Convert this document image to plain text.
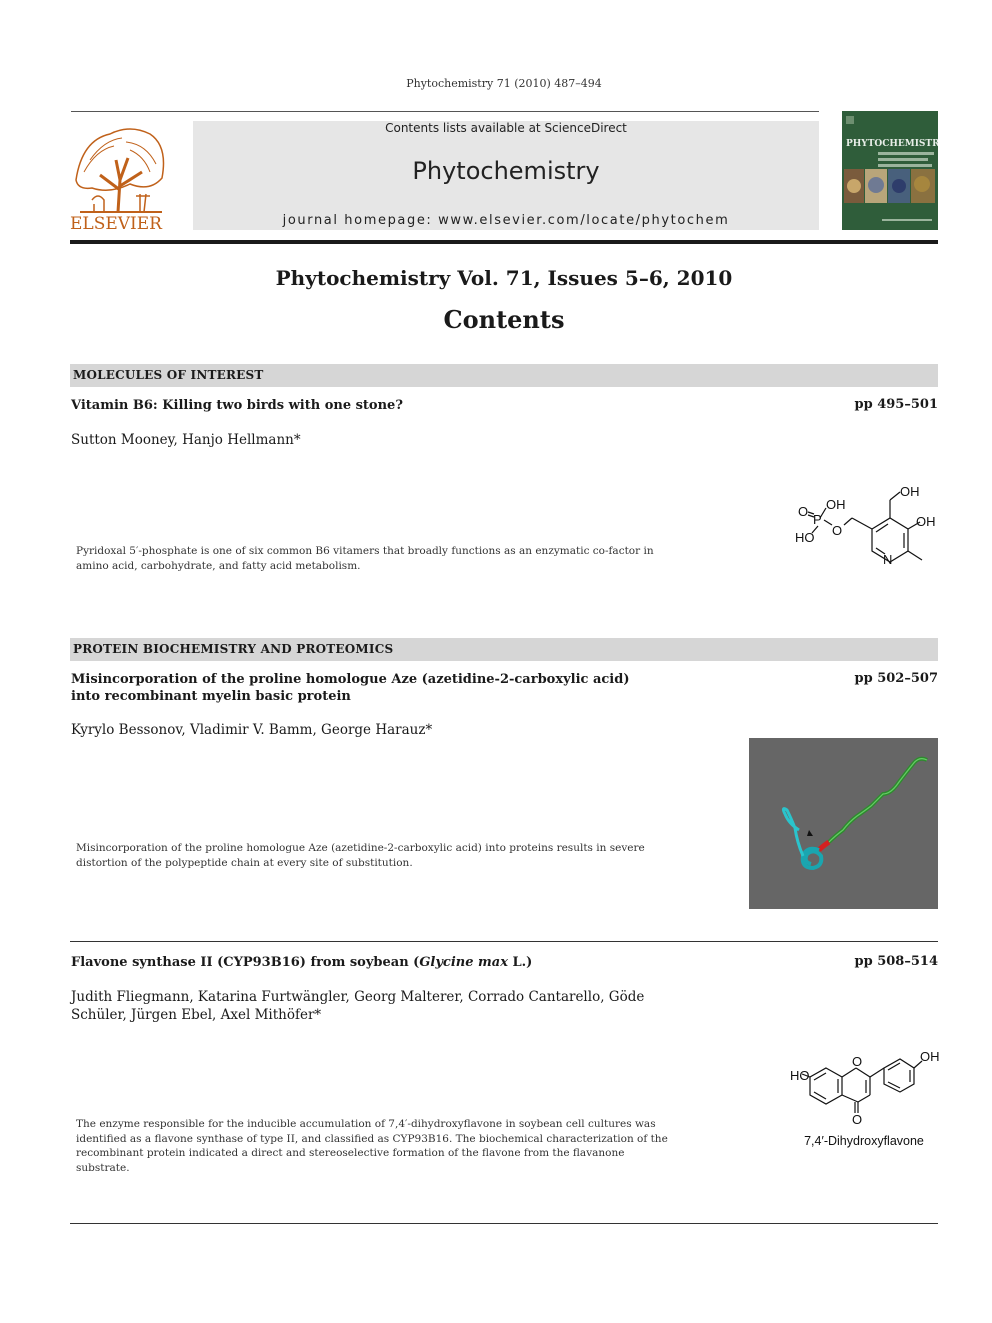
Phytochemistry 71 (2010) 487–494
ELSEVIER
Contents lists available at ScienceDirect
Phytochemistry
journal homepage: www.elsevier.com/locate/phytochem
PHYTOCHEMISTRY
Phytochemistry Vol. 71, Issues 5–6, 2010
Contents
MOLECULES OF INTEREST
Vitamin B6: Killing two birds with one stone?	pp 495–501
Sutton Mooney, Hanjo Hellmann*
Pyridoxal 5′-phosphate is one of six common B6 vitamers that broadly functions as an enzymatic co-factor in amino acid, carbohydrate, and fatty acid metabolism.
OH
O
P
HO O
OH
OH
N
PROTEIN BIOCHEMISTRY AND PROTEOMICS
Misincorporation of the proline homologue Aze (azetidine-2-carboxylic acid) into recombinant myelin basic protein
pp 502–507
Kyrylo Bessonov, Vladimir V. Bamm, George Harauz*
Misincorporation of the proline homologue Aze (azetidine-2-carboxylic acid) into proteins results in severe distortion of the polypeptide chain at every site of substitution.
Flavone synthase II (CYP93B16) from soybean (Glycine max L.)	pp 508–514
Judith Fliegmann, Katarina Furtwängler, Georg Malterer, Corrado Cantarello, Göde Schüler, Jürgen Ebel, Axel Mithöfer*
The enzyme responsible for the inducible accumulation of 7,4′-dihydroxyflavone in soybean cell cultures was identified as a flavone synthase of type II, and classified as CYP93B16. The biochemical characterization of the recombinant protein indicated a direct and stereoselective formation of the flavone from the flavanone substrate.
OH
HO
O
O
7,4′-Dihydroxyflavone
